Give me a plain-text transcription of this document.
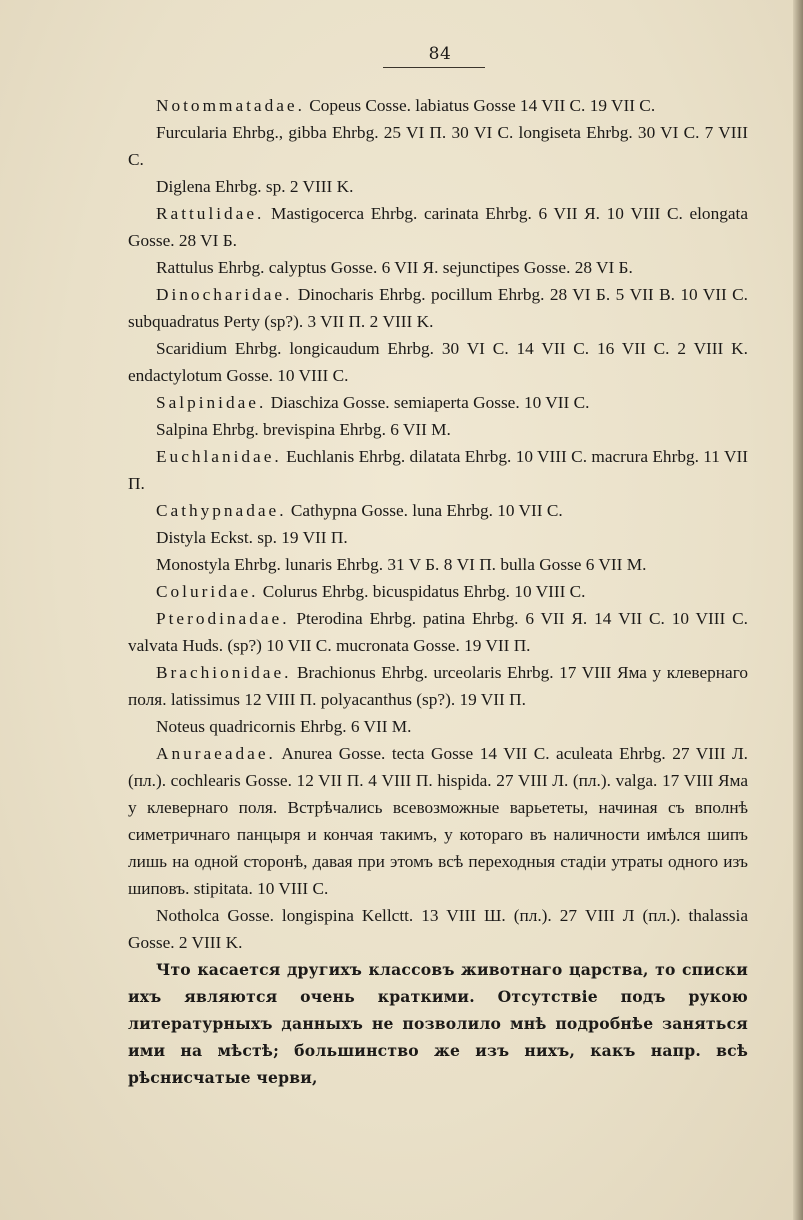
84

Notommatadae. Copeus Cosse. labiatus Gosse 14 VII C. 19 VII C.

Furcularia Ehrbg., gibba Ehrbg. 25 VI П. 30 VI C. longiseta Ehrbg. 30 VI C. 7 VIII C.

Diglena Ehrbg. sp. 2 VIII K.

Rattulidae. Mastigocerca Ehrbg. carinata Ehrbg. 6 VII Я. 10 VIII C. elongata Gosse. 28 VI Б.

Rattulus Ehrbg. calyptus Gosse. 6 VII Я. sejunctipes Gosse. 28 VI Б.

Dinocharidae. Dinocharis Ehrbg. pocillum Ehrbg. 28 VI Б. 5 VII B. 10 VII C. subquadratus Perty (sp?). 3 VII П. 2 VIII K.

Scaridium Ehrbg. longicaudum Ehrbg. 30 VI C. 14 VII C. 16 VII C. 2 VIII K. endactylotum Gosse. 10 VIII C.

Salpinidae. Diaschiza Gosse. semiaperta Gosse. 10 VII C.

Salpina Ehrbg. brevispina Ehrbg. 6 VII M.

Euchlanidae. Euchlanis Ehrbg. dilatata Ehrbg. 10 VIII C. macrura Ehrbg. 11 VII П.

Cathypnadae. Cathypna Gosse. luna Ehrbg. 10 VII C.

Distyla Eckst. sp. 19 VII П.

Monostyla Ehrbg. lunaris Ehrbg. 31 V Б. 8 VI П. bulla Gosse 6 VII M.

Coluridae. Colurus Ehrbg. bicuspidatus Ehrbg. 10 VIII C.

Pterodinadae. Pterodina Ehrbg. patina Ehrbg. 6 VII Я. 14 VII C. 10 VIII C. valvata Huds. (sp?) 10 VII C. mucronata Gosse. 19 VII П.

Brachionidae. Brachionus Ehrbg. urceolaris Ehrbg. 17 VIII Яма у клевернаго поля. latissimus 12 VIII П. polyacanthus (sp?). 19 VII П.

Noteus quadricornis Ehrbg. 6 VII M.

Anuraeadae. Anurea Gosse. tecta Gosse 14 VII C. aculeata Ehrbg. 27 VIII Л. (пл.). cochlearis Gosse. 12 VII П. 4 VIII П. hispida. 27 VIII Л. (пл.). valga. 17 VIII Яма у клевернаго поля. Встрѣчались всевозможные варьететы, начиная съ вполнѣ симетричнаго панцыря и кончая такимъ, у котораго въ наличности имѣлся шипъ лишь на одной сторонѣ, давая при этомъ всѣ переходныя стадіи утраты одного изъ шиповъ. stipitata. 10 VIII C.

Notholca Gosse. longispina Kellctt. 13 VIII Ш. (пл.). 27 VIII Л (пл.). thalassia Gosse. 2 VIII K.

Что касается другихъ классовъ животнаго царства, то списки ихъ являются очень краткими. Отсутствіе подъ рукою литературныхъ данныхъ не позволило мнѣ подробнѣе заняться ими на мѣстѣ; большинство же изъ нихъ, какъ напр. всѣ рѣснисчатые черви,
